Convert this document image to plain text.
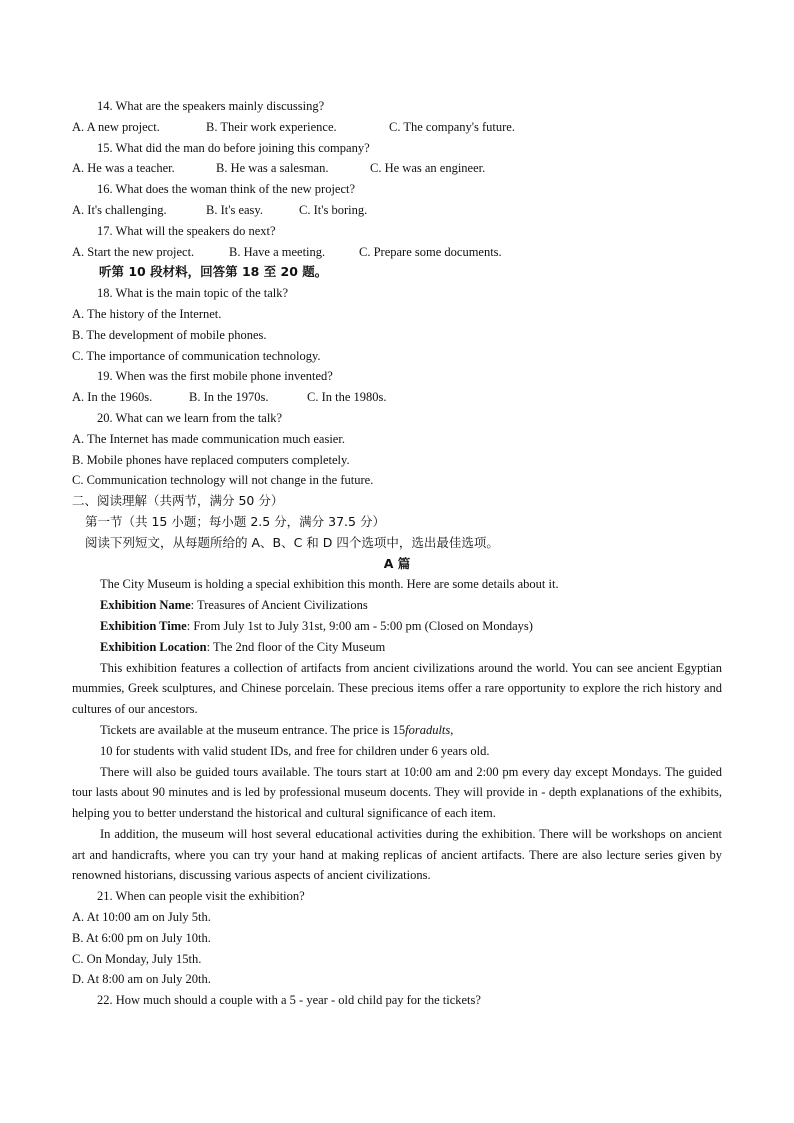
14. What are the speakers mainly discussing?
A. A new project.	B. Their work experience.	C. The company's future.
15. What did the man do before joining this company?
A. He was a teacher.	B. He was a salesman.	C. He was an engineer.
16. What does the woman think of the new project?
A. It's challenging.	B. It's easy.	C. It's boring.
17. What will the speakers do next?
A. Start the new project.	B. Have a meeting.	C. Prepare some documents.
听第 10 段材料，回答第 18 至 20 题。
18. What is the main topic of the talk?
A. The history of the Internet.
B. The development of mobile phones.
C. The importance of communication technology.
19. When was the first mobile phone invented?
A. In the 1960s.	B. In the 1970s.	C. In the 1980s.
20. What can we learn from the talk?
A. The Internet has made communication much easier.
B. Mobile phones have replaced computers completely.
C. Communication technology will not change in the future.
二、阅读理解（共两节，满分 50 分）
第一节（共 15 小题；每小题 2.5 分，满分 37.5 分）
阅读下列短文，从每题所给的 A、B、C 和 D 四个选项中，选出最佳选项。
A 篇
The City Museum is holding a special exhibition this month. Here are some details about it.
Exhibition Name: Treasures of Ancient Civilizations
Exhibition Time: From July 1st to July 31st, 9:00 am - 5:00 pm (Closed on Mondays)
Exhibition Location: The 2nd floor of the City Museum
This exhibition features a collection of artifacts from ancient civilizations around the world. You can see ancient Egyptian mummies, Greek sculptures, and Chinese porcelain. These precious items offer a rare opportunity to explore the rich history and cultures of our ancestors.
Tickets are available at the museum entrance. The price is 15foradults,
10 for students with valid student IDs, and free for children under 6 years old.
There will also be guided tours available. The tours start at 10:00 am and 2:00 pm every day except Mondays. The guided tour lasts about 90 minutes and is led by professional museum docents. They will provide in - depth explanations of the exhibits, helping you to better understand the historical and cultural significance of each item.
In addition, the museum will host several educational activities during the exhibition. There will be workshops on ancient art and handicrafts, where you can try your hand at making replicas of ancient artifacts. There are also lecture series given by renowned historians, discussing various aspects of ancient civilizations.
21. When can people visit the exhibition?
A. At 10:00 am on July 5th.
B. At 6:00 pm on July 10th.
C. On Monday, July 15th.
D. At 8:00 am on July 20th.
22. How much should a couple with a 5 - year - old child pay for the tickets?
